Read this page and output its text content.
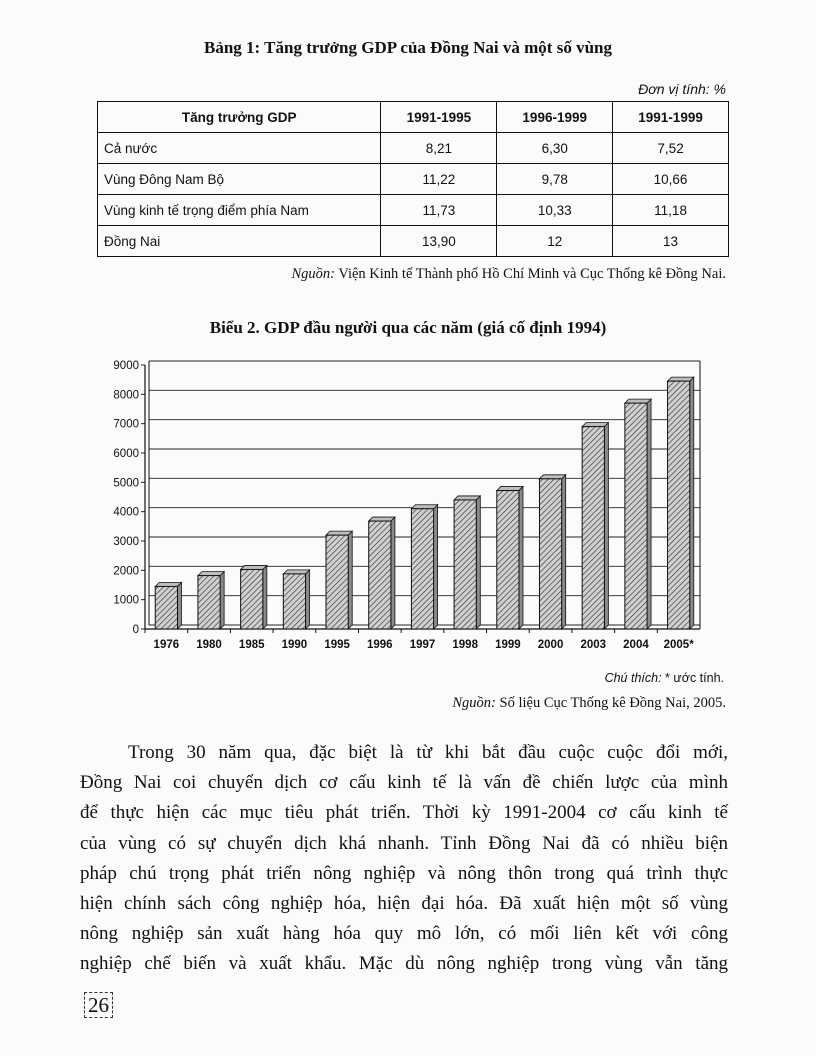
Bảng 1: Tăng trưởng GDP của Đồng Nai và một số vùng
Đơn vị tính: %
Tăng trưởng GDP	1991-1995	1996-1999	1991-1999
Cả nước	8,21	6,30	7,52
Vùng Đông Nam Bộ	11,22	9,78	10,66
Vùng kinh tế trọng điểm phía Nam	11,73	10,33	11,18
Đồng Nai	13,90	12	13
Nguồn: Viện Kinh tế Thành phố Hồ Chí Minh và Cục Thống kê Đồng Nai.
Biểu 2. GDP đầu người qua các năm (giá cố định 1994)
0
1000
2000
3000
4000
5000
6000
7000
8000
9000
1976 1980 1985 1990 1995 1996 1997 1998 1999 2000 2003 2004 2005*
Chú thích: * ước tính.
Nguồn: Số liệu Cục Thống kê Đồng Nai, 2005.
Trong 30 năm qua, đặc biệt là từ khi bắt đầu cuộc cuộc đổi mới,
Đồng Nai coi chuyển dịch cơ cấu kinh tế là vấn đề chiến lược của mình
để thực hiện các mục tiêu phát triển. Thời kỳ 1991-2004 cơ cấu kinh tế
của vùng có sự chuyển dịch khá nhanh. Tỉnh Đồng Nai đã có nhiều biện
pháp chú trọng phát triển nông nghiệp và nông thôn trong quá trình thực
hiện chính sách công nghiệp hóa, hiện đại hóa. Đã xuất hiện một số vùng
nông nghiệp sản xuất hàng hóa quy mô lớn, có mối liên kết với công
nghiệp chế biến và xuất khẩu. Mặc dù nông nghiệp trong vùng vẫn tăng
26
